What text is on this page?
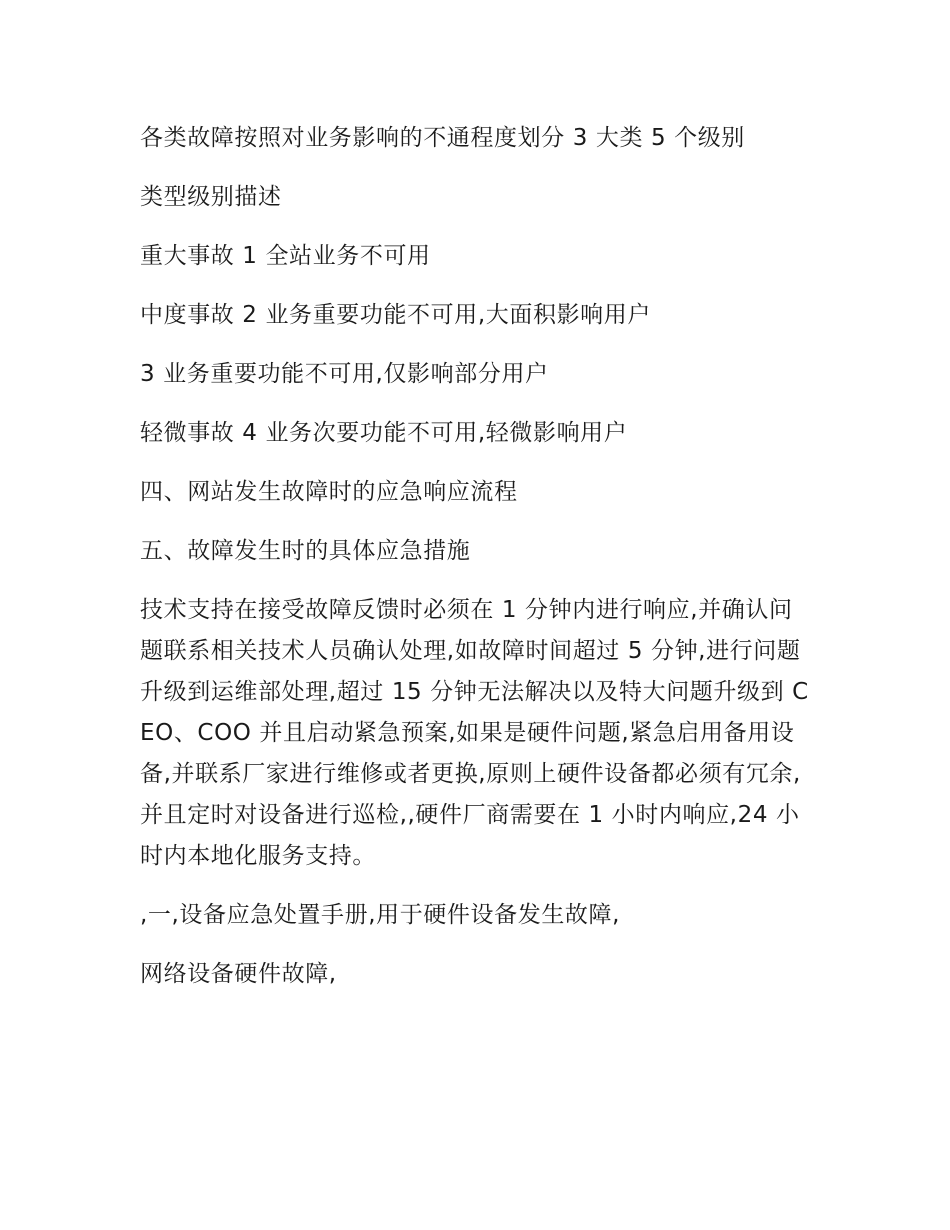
各类故障按照对业务影响的不通程度划分 3 大类 5 个级别

类型级别描述

重大事故 1 全站业务不可用

中度事故 2 业务重要功能不可用,大面积影响用户

3 业务重要功能不可用,仅影响部分用户

轻微事故 4 业务次要功能不可用,轻微影响用户

四、网站发生故障时的应急响应流程

五、故障发生时的具体应急措施

技术支持在接受故障反馈时必须在 1 分钟内进行响应,并确认问题联系相关技术人员确认处理,如故障时间超过 5 分钟,进行问题升级到运维部处理,超过 15 分钟无法解决以及特大问题升级到 CEO、COO 并且启动紧急预案,如果是硬件问题,紧急启用备用设备,并联系厂家进行维修或者更换,原则上硬件设备都必须有冗余,并且定时对设备进行巡检,,硬件厂商需要在 1 小时内响应,24 小时内本地化服务支持。

,一,设备应急处置手册,用于硬件设备发生故障,

网络设备硬件故障,
